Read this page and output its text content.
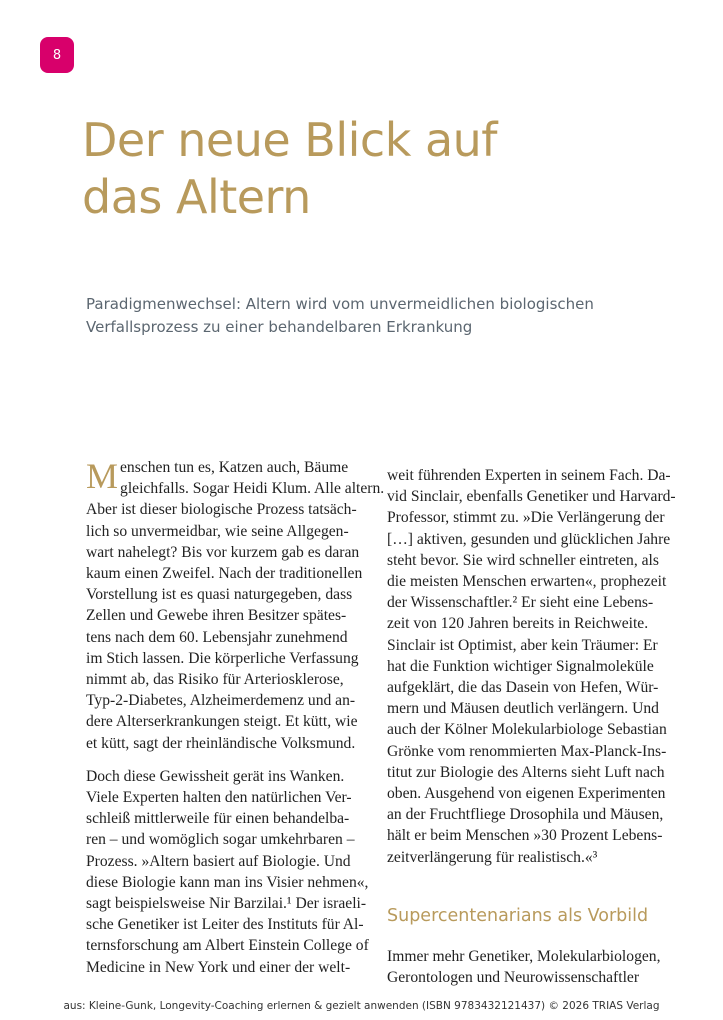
8
Der neue Blick auf
das Altern

Paradigmenwechsel: Altern wird vom unvermeidlichen biologischen
Verfallsprozess zu einer behandelbaren Erkrankung

M enschen tun es, Katzen auch, Bäume
gleichfalls. Sogar Heidi Klum. Alle altern.
Aber ist dieser biologische Prozess tatsäch-
lich so unvermeidbar, wie seine Allgegen-
wart nahelegt? Bis vor kurzem gab es daran
kaum einen Zweifel. Nach der traditionellen
Vorstellung ist es quasi naturgegeben, dass
Zellen und Gewebe ihren Besitzer spätes-
tens nach dem 60. Lebensjahr zunehmend
im Stich lassen. Die körperliche Verfassung
nimmt ab, das Risiko für Arteriosklerose,
Typ-2-Diabetes, Alzheimerdemenz und an-
dere Alterserkrankungen steigt. Et kütt, wie
et kütt, sagt der rheinländische Volksmund.
Doch diese Gewissheit gerät ins Wanken.
Viele Experten halten den natürlichen Ver-
schleiß mittlerweile für einen behandelba-
ren – und womöglich sogar umkehrbaren –
Prozess. »Altern basiert auf Biologie. Und
diese Biologie kann man ins Visier nehmen«,
sagt beispielsweise Nir Barzilai.¹ Der israeli-
sche Genetiker ist Leiter des Instituts für Al-
ternsforschung am Albert Einstein College of
Medicine in New York und einer der welt-
weit führenden Experten in seinem Fach. Da-
vid Sinclair, ebenfalls Genetiker und Harvard-
Professor, stimmt zu. »Die Verlängerung der
[…] aktiven, gesunden und glücklichen Jahre
steht bevor. Sie wird schneller eintreten, als
die meisten Menschen erwarten«, prophezeit
der Wissenschaftler.² Er sieht eine Lebens-
zeit von 120 Jahren bereits in Reichweite.
Sinclair ist Optimist, aber kein Träumer: Er
hat die Funktion wichtiger Signalmoleküle
aufgeklärt, die das Dasein von Hefen, Wür-
mern und Mäusen deutlich verlängern. Und
auch der Kölner Molekularbiologe Sebastian
Grönke vom renommierten Max-Planck-Ins-
titut zur Biologie des Alterns sieht Luft nach
oben. Ausgehend von eigenen Experimenten
an der Fruchtfliege Drosophila und Mäusen,
hält er beim Menschen »30 Prozent Lebens-
zeitverlängerung für realistisch.«³
Supercentenarians als Vorbild
Immer mehr Genetiker, Molekularbiologen,
Gerontologen und Neurowissenschaftler
aus: Kleine-Gunk, Longevity-Coaching erlernen & gezielt anwenden (ISBN 9783432121437) © 2026 TRIAS Verlag
